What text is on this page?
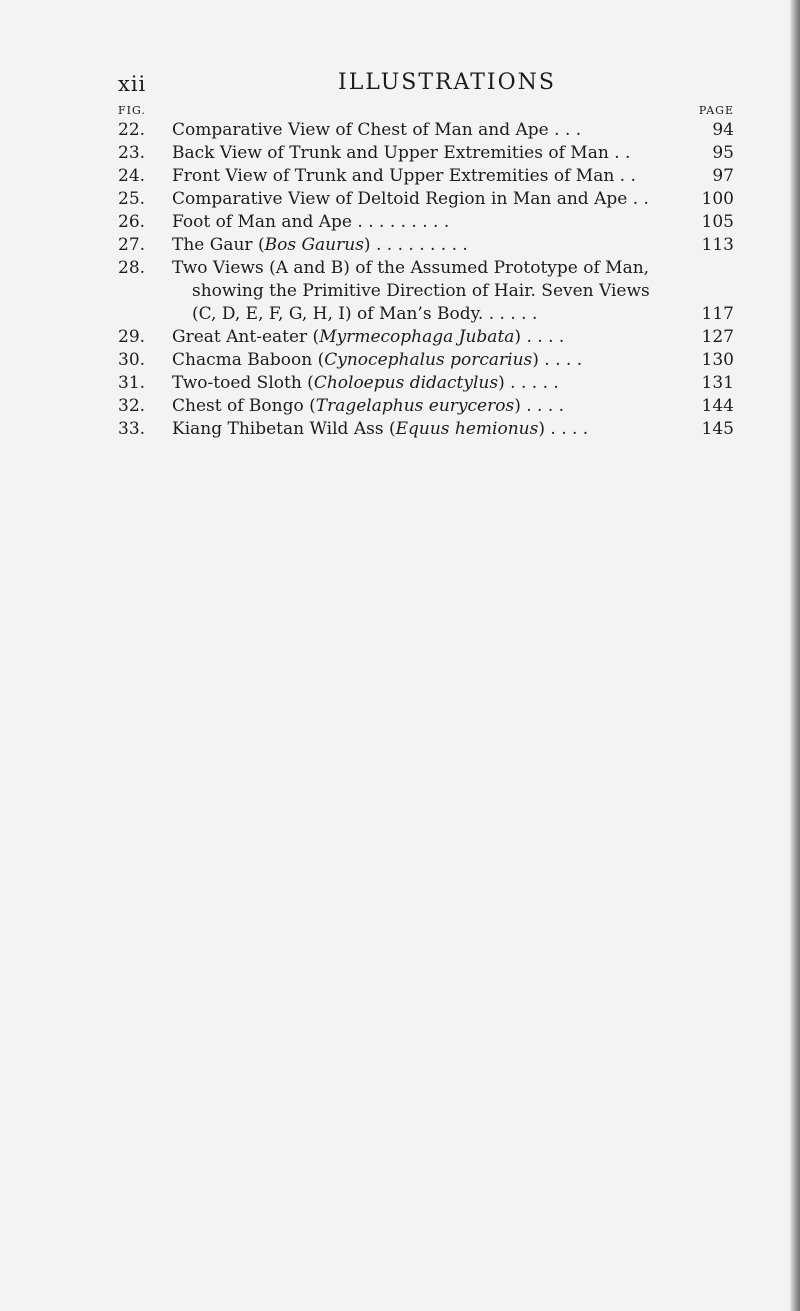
xii	ILLUSTRATIONS
FIG.	PAGE
22. Comparative View of Chest of Man and Ape . . .	94
23. Back View of Trunk and Upper Extremities of Man . .	95
24. Front View of Trunk and Upper Extremities of Man . .	97
25. Comparative View of Deltoid Region in Man and Ape . .	100
26. Foot of Man and Ape . . . . . . . . .	105
27. The Gaur (Bos Gaurus) . . . . . . . . .	113
28. Two Views (A and B) of the Assumed Prototype of Man,
showing the Primitive Direction of Hair. Seven Views
(C, D, E, F, G, H, I) of Man’s Body. . . . . .	117
29. Great Ant-eater (Myrmecophaga Jubata) . . . .	127
30. Chacma Baboon (Cynocephalus porcarius) . . . .	130
31. Two-toed Sloth (Choloepus didactylus) . . . . .	131
32. Chest of Bongo (Tragelaphus euryceros) . . . .	144
33. Kiang Thibetan Wild Ass (Equus hemionus) . . . .	145
